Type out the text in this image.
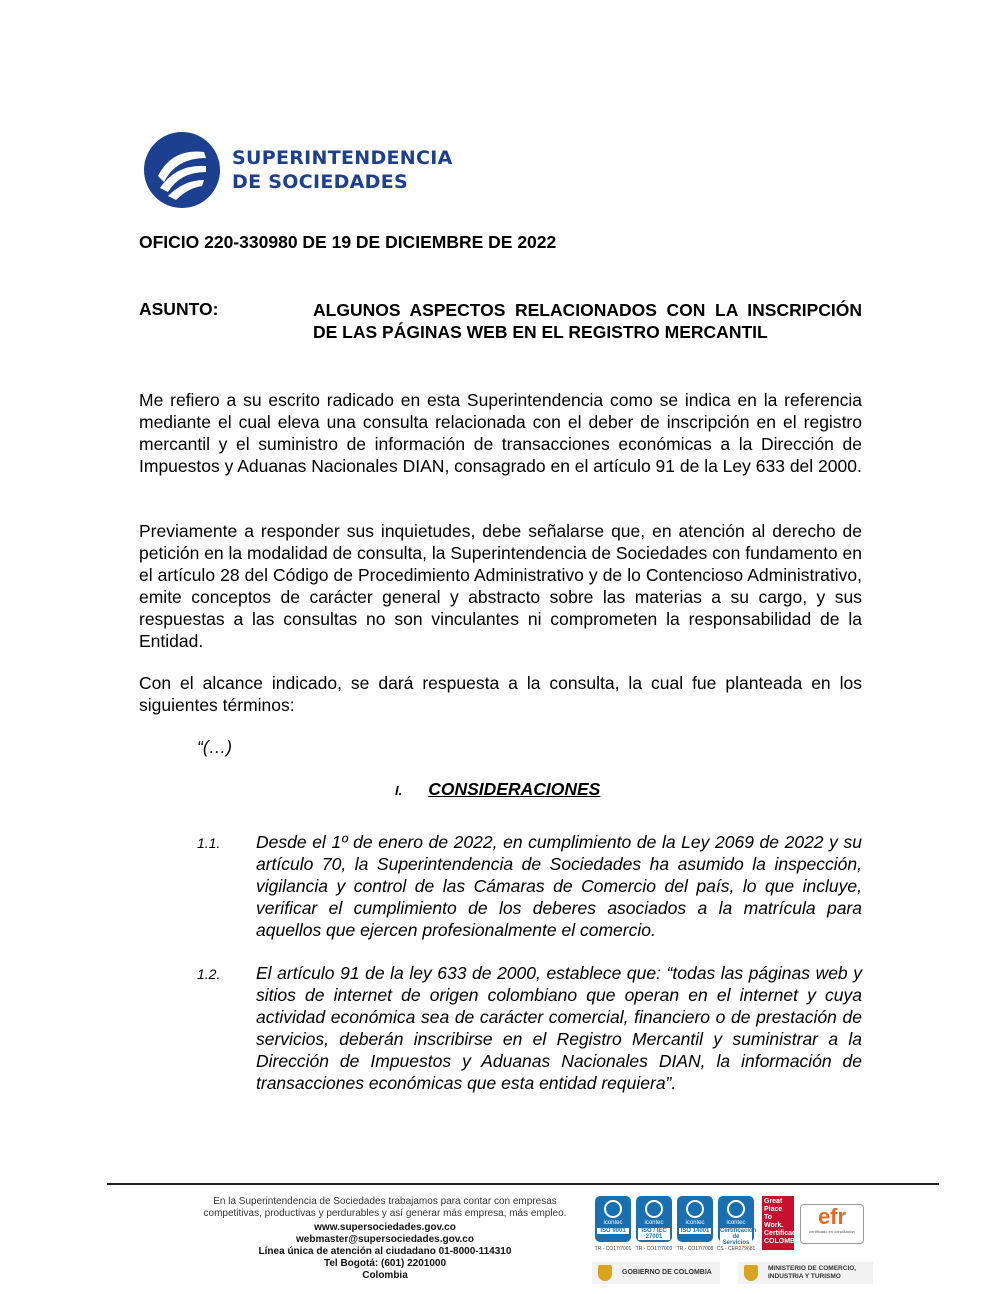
SUPERINTENDENCIA
DE SOCIEDADES
OFICIO 220-330980 DE 19 DE DICIEMBRE DE 2022
ASUNTO:	ALGUNOS ASPECTOS RELACIONADOS CON LA INSCRIPCIÓN DE LAS PÁGINAS WEB EN EL REGISTRO MERCANTIL
Me refiero a su escrito radicado en esta Superintendencia como se indica en la referencia mediante el cual eleva una consulta relacionada con el deber de inscripción en el registro mercantil y el suministro de información de transacciones económicas a la Dirección de Impuestos y Aduanas Nacionales DIAN, consagrado en el artículo 91 de la Ley 633 del 2000.
Previamente a responder sus inquietudes, debe señalarse que, en atención al derecho de petición en la modalidad de consulta, la Superintendencia de Sociedades con fundamento en el artículo 28 del Código de Procedimiento Administrativo y de lo Contencioso Administrativo, emite conceptos de carácter general y abstracto sobre las materias a su cargo, y sus respuestas a las consultas no son vinculantes ni comprometen la responsabilidad de la Entidad.
Con el alcance indicado, se dará respuesta a la consulta, la cual fue planteada en los siguientes términos:
“(…)
I. CONSIDERACIONES
1.1. Desde el 1º de enero de 2022, en cumplimiento de la Ley 2069 de 2022 y su artículo 70, la Superintendencia de Sociedades ha asumido la inspección, vigilancia y control de las Cámaras de Comercio del país, lo que incluye, verificar el cumplimiento de los deberes asociados a la matrícula para aquellos que ejercen profesionalmente el comercio.
1.2. El artículo 91 de la ley 633 de 2000, establece que: “todas las páginas web y sitios de internet de origen colombiano que operan en el internet y cuya actividad económica sea de carácter comercial, financiero o de prestación de servicios, deberán inscribirse en el Registro Mercantil y suministrar a la Dirección de Impuestos y Aduanas Nacionales DIAN, la información de transacciones económicas que esta entidad requiera”.
En la Superintendencia de Sociedades trabajamos para contar con empresas
competitivas, productivas y perdurables y así generar más empresa, más empleo.
www.supersociedades.gov.co
webmaster@supersociedades.gov.co
Línea única de atención al ciudadano 01-8000-114310
Tel Bogotá: (601) 2201000
Colombia
icontec
ISO 9001
TR - CO17/7001
icontec
ISO / IEC 27001
TR - CO17/7003
icontec
ISO 14001
TR - CO17/7008
icontec
Certificación de Servicios
CS - CER279681
Great Place To Work. Certificado COLOMBIA
efr
certificado en conciliación
GOBIERNO DE COLOMBIA
MINISTERIO DE COMERCIO,
INDUSTRIA Y TURISMO
